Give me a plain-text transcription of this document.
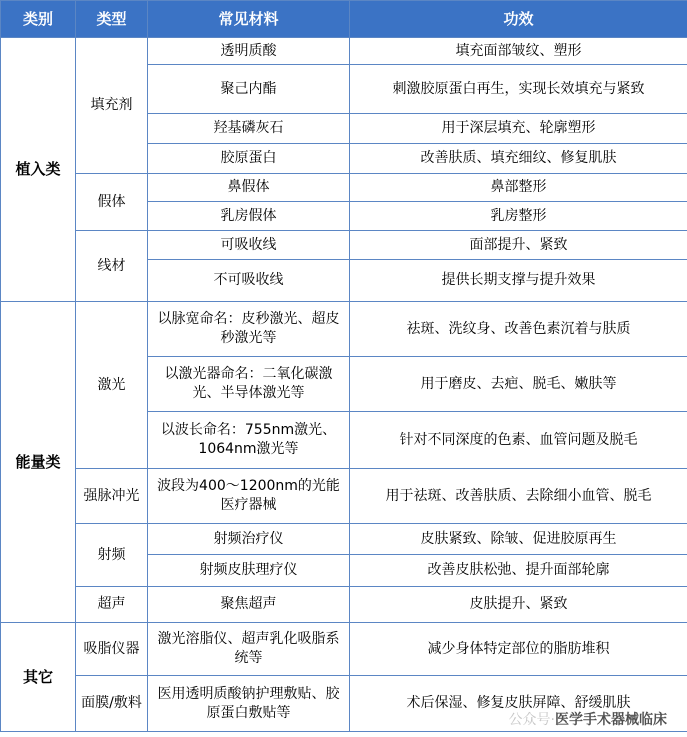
类别	类型	常见材料	功效
植入类	填充剂	透明质酸	填充面部皱纹、塑形
		聚己内酯	刺激胶原蛋白再生，实现长效填充与紧致
		羟基磷灰石	用于深层填充、轮廓塑形
		胶原蛋白	改善肤质、填充细纹、修复肌肤
	假体	鼻假体	鼻部整形
		乳房假体	乳房整形
	线材	可吸收线	面部提升、紧致
		不可吸收线	提供长期支撑与提升效果
能量类	激光	以脉宽命名：皮秒激光、超皮秒激光等	祛斑、洗纹身、改善色素沉着与肤质
		以激光器命名：二氧化碳激光、半导体激光等	用于磨皮、去疤、脱毛、嫩肤等
		以波长命名：755nm激光、1064nm激光等	针对不同深度的色素、血管问题及脱毛
	强脉冲光	波段为400～1200nm的光能医疗器械	用于祛斑、改善肤质、去除细小血管、脱毛
	射频	射频治疗仪	皮肤紧致、除皱、促进胶原再生
		射频皮肤理疗仪	改善皮肤松弛、提升面部轮廓
	超声	聚焦超声	皮肤提升、紧致
其它	吸脂仪器	激光溶脂仪、超声乳化吸脂系统等	减少身体特定部位的脂肪堆积
	面膜/敷料	医用透明质酸钠护理敷贴、胶原蛋白敷贴等	术后保湿、修复皮肤屏障、舒缓肌肤
公众号·医学手术器械临床
